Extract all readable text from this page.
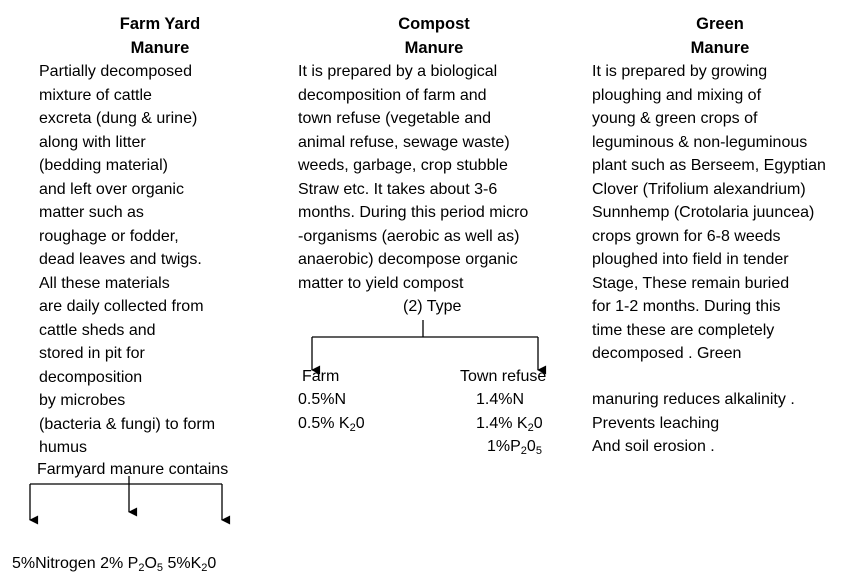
Farm Yard
Manure
Compost
Manure
Green
Manure
Partially decomposed
mixture of cattle
excreta (dung & urine)
along with litter
(bedding material)
and left over organic
matter such as
roughage or fodder,
dead leaves and twigs.
All these materials
are daily collected from
cattle sheds and
stored in pit for
decomposition
by microbes
(bacteria & fungi) to form
humus
Farmyard manure contains
5%Nitrogen 2% $P_2O_5$ $5\%K_20$
It is prepared by a biological
decomposition of farm and
town refuse (vegetable and
animal refuse, sewage waste)
weeds, garbage, crop stubble
Straw etc. It takes about 3-6
months. During this period micro
-organisms (aerobic as well as)
anaerobic) decompose organic
matter to yield compost
(2) Type
Farm
0.5%N
0.5% $K_20$
Town refuse
1.4%N
1.4% $K_20$
$1\%P_20_5$
It is prepared by growing
ploughing and mixing of
young & green crops of
leguminous & non-leguminous
plant such as Berseem, Egyptian
Clover (Trifolium alexandrium)
Sunnhemp (Crotolaria juuncea)
crops grown for 6-8 weeds
ploughed into field in tender
Stage, These remain buried
for 1-2 months. During this
time these are completely
decomposed . Green
manuring reduces alkalinity .
Prevents leaching
And soil erosion .
